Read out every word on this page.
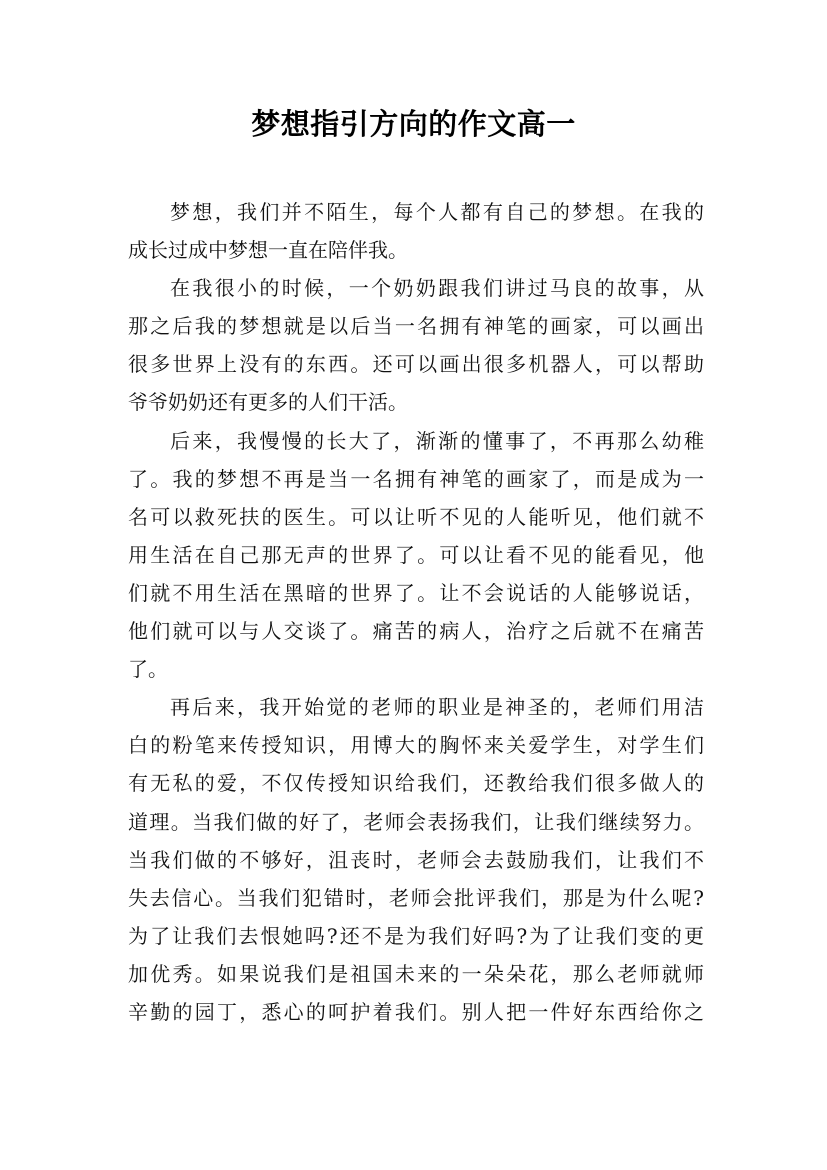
梦想指引方向的作文高一
梦想，我们并不陌生，每个人都有自己的梦想。在我的
成长过成中梦想一直在陪伴我。
在我很小的时候，一个奶奶跟我们讲过马良的故事，从
那之后我的梦想就是以后当一名拥有神笔的画家，可以画出
很多世界上没有的东西。还可以画出很多机器人，可以帮助
爷爷奶奶还有更多的人们干活。
后来，我慢慢的长大了，渐渐的懂事了，不再那么幼稚
了。我的梦想不再是当一名拥有神笔的画家了，而是成为一
名可以救死扶的医生。可以让听不见的人能听见，他们就不
用生活在自己那无声的世界了。可以让看不见的能看见，他
们就不用生活在黑暗的世界了。让不会说话的人能够说话，
他们就可以与人交谈了。痛苦的病人，治疗之后就不在痛苦
了。
再后来，我开始觉的老师的职业是神圣的，老师们用洁
白的粉笔来传授知识，用博大的胸怀来关爱学生，对学生们
有无私的爱，不仅传授知识给我们，还教给我们很多做人的
道理。当我们做的好了，老师会表扬我们，让我们继续努力。
当我们做的不够好，沮丧时，老师会去鼓励我们，让我们不
失去信心。当我们犯错时，老师会批评我们，那是为什么呢?
为了让我们去恨她吗?还不是为我们好吗?为了让我们变的更
加优秀。如果说我们是祖国未来的一朵朵花，那么老师就师
辛勤的园丁，悉心的呵护着我们。别人把一件好东西给你之
